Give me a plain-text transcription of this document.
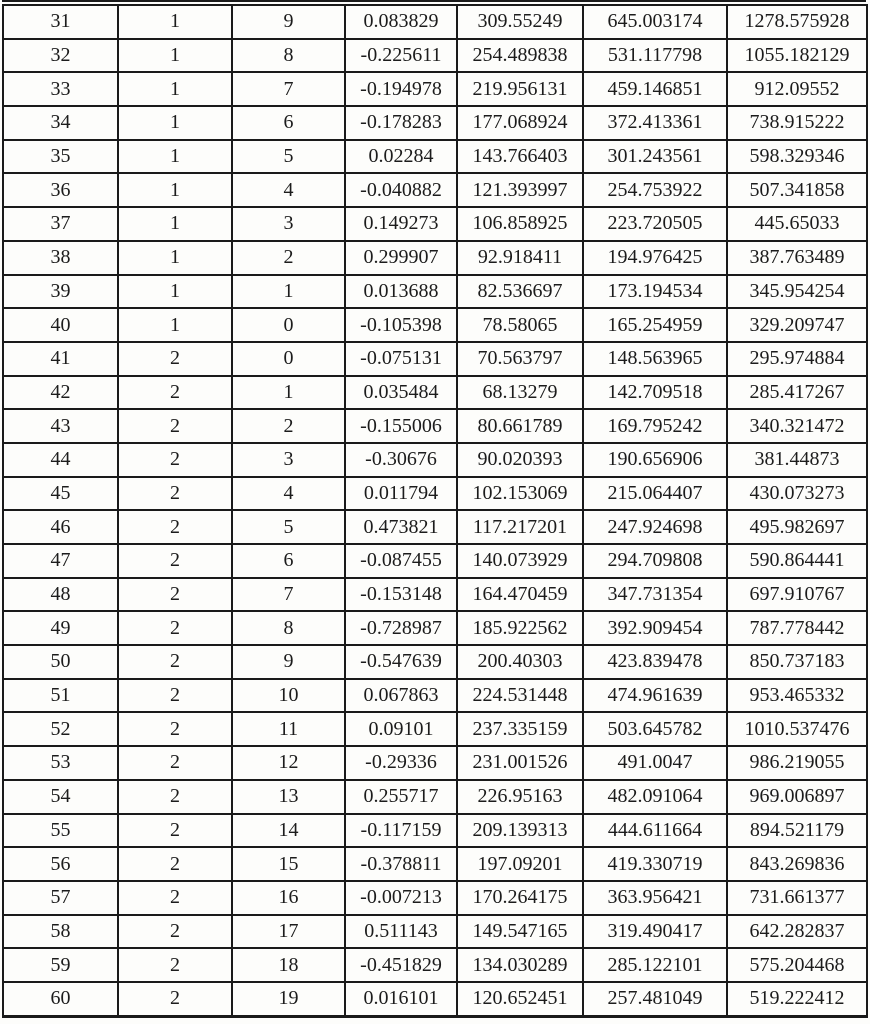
31	1	9	0.083829	309.55249	645.003174	1278.575928
32	1	8	-0.225611	254.489838	531.117798	1055.182129
33	1	7	-0.194978	219.956131	459.146851	912.09552
34	1	6	-0.178283	177.068924	372.413361	738.915222
35	1	5	0.02284	143.766403	301.243561	598.329346
36	1	4	-0.040882	121.393997	254.753922	507.341858
37	1	3	0.149273	106.858925	223.720505	445.65033
38	1	2	0.299907	92.918411	194.976425	387.763489
39	1	1	0.013688	82.536697	173.194534	345.954254
40	1	0	-0.105398	78.58065	165.254959	329.209747
41	2	0	-0.075131	70.563797	148.563965	295.974884
42	2	1	0.035484	68.13279	142.709518	285.417267
43	2	2	-0.155006	80.661789	169.795242	340.321472
44	2	3	-0.30676	90.020393	190.656906	381.44873
45	2	4	0.011794	102.153069	215.064407	430.073273
46	2	5	0.473821	117.217201	247.924698	495.982697
47	2	6	-0.087455	140.073929	294.709808	590.864441
48	2	7	-0.153148	164.470459	347.731354	697.910767
49	2	8	-0.728987	185.922562	392.909454	787.778442
50	2	9	-0.547639	200.40303	423.839478	850.737183
51	2	10	0.067863	224.531448	474.961639	953.465332
52	2	11	0.09101	237.335159	503.645782	1010.537476
53	2	12	-0.29336	231.001526	491.0047	986.219055
54	2	13	0.255717	226.95163	482.091064	969.006897
55	2	14	-0.117159	209.139313	444.611664	894.521179
56	2	15	-0.378811	197.09201	419.330719	843.269836
57	2	16	-0.007213	170.264175	363.956421	731.661377
58	2	17	0.511143	149.547165	319.490417	642.282837
59	2	18	-0.451829	134.030289	285.122101	575.204468
60	2	19	0.016101	120.652451	257.481049	519.222412
